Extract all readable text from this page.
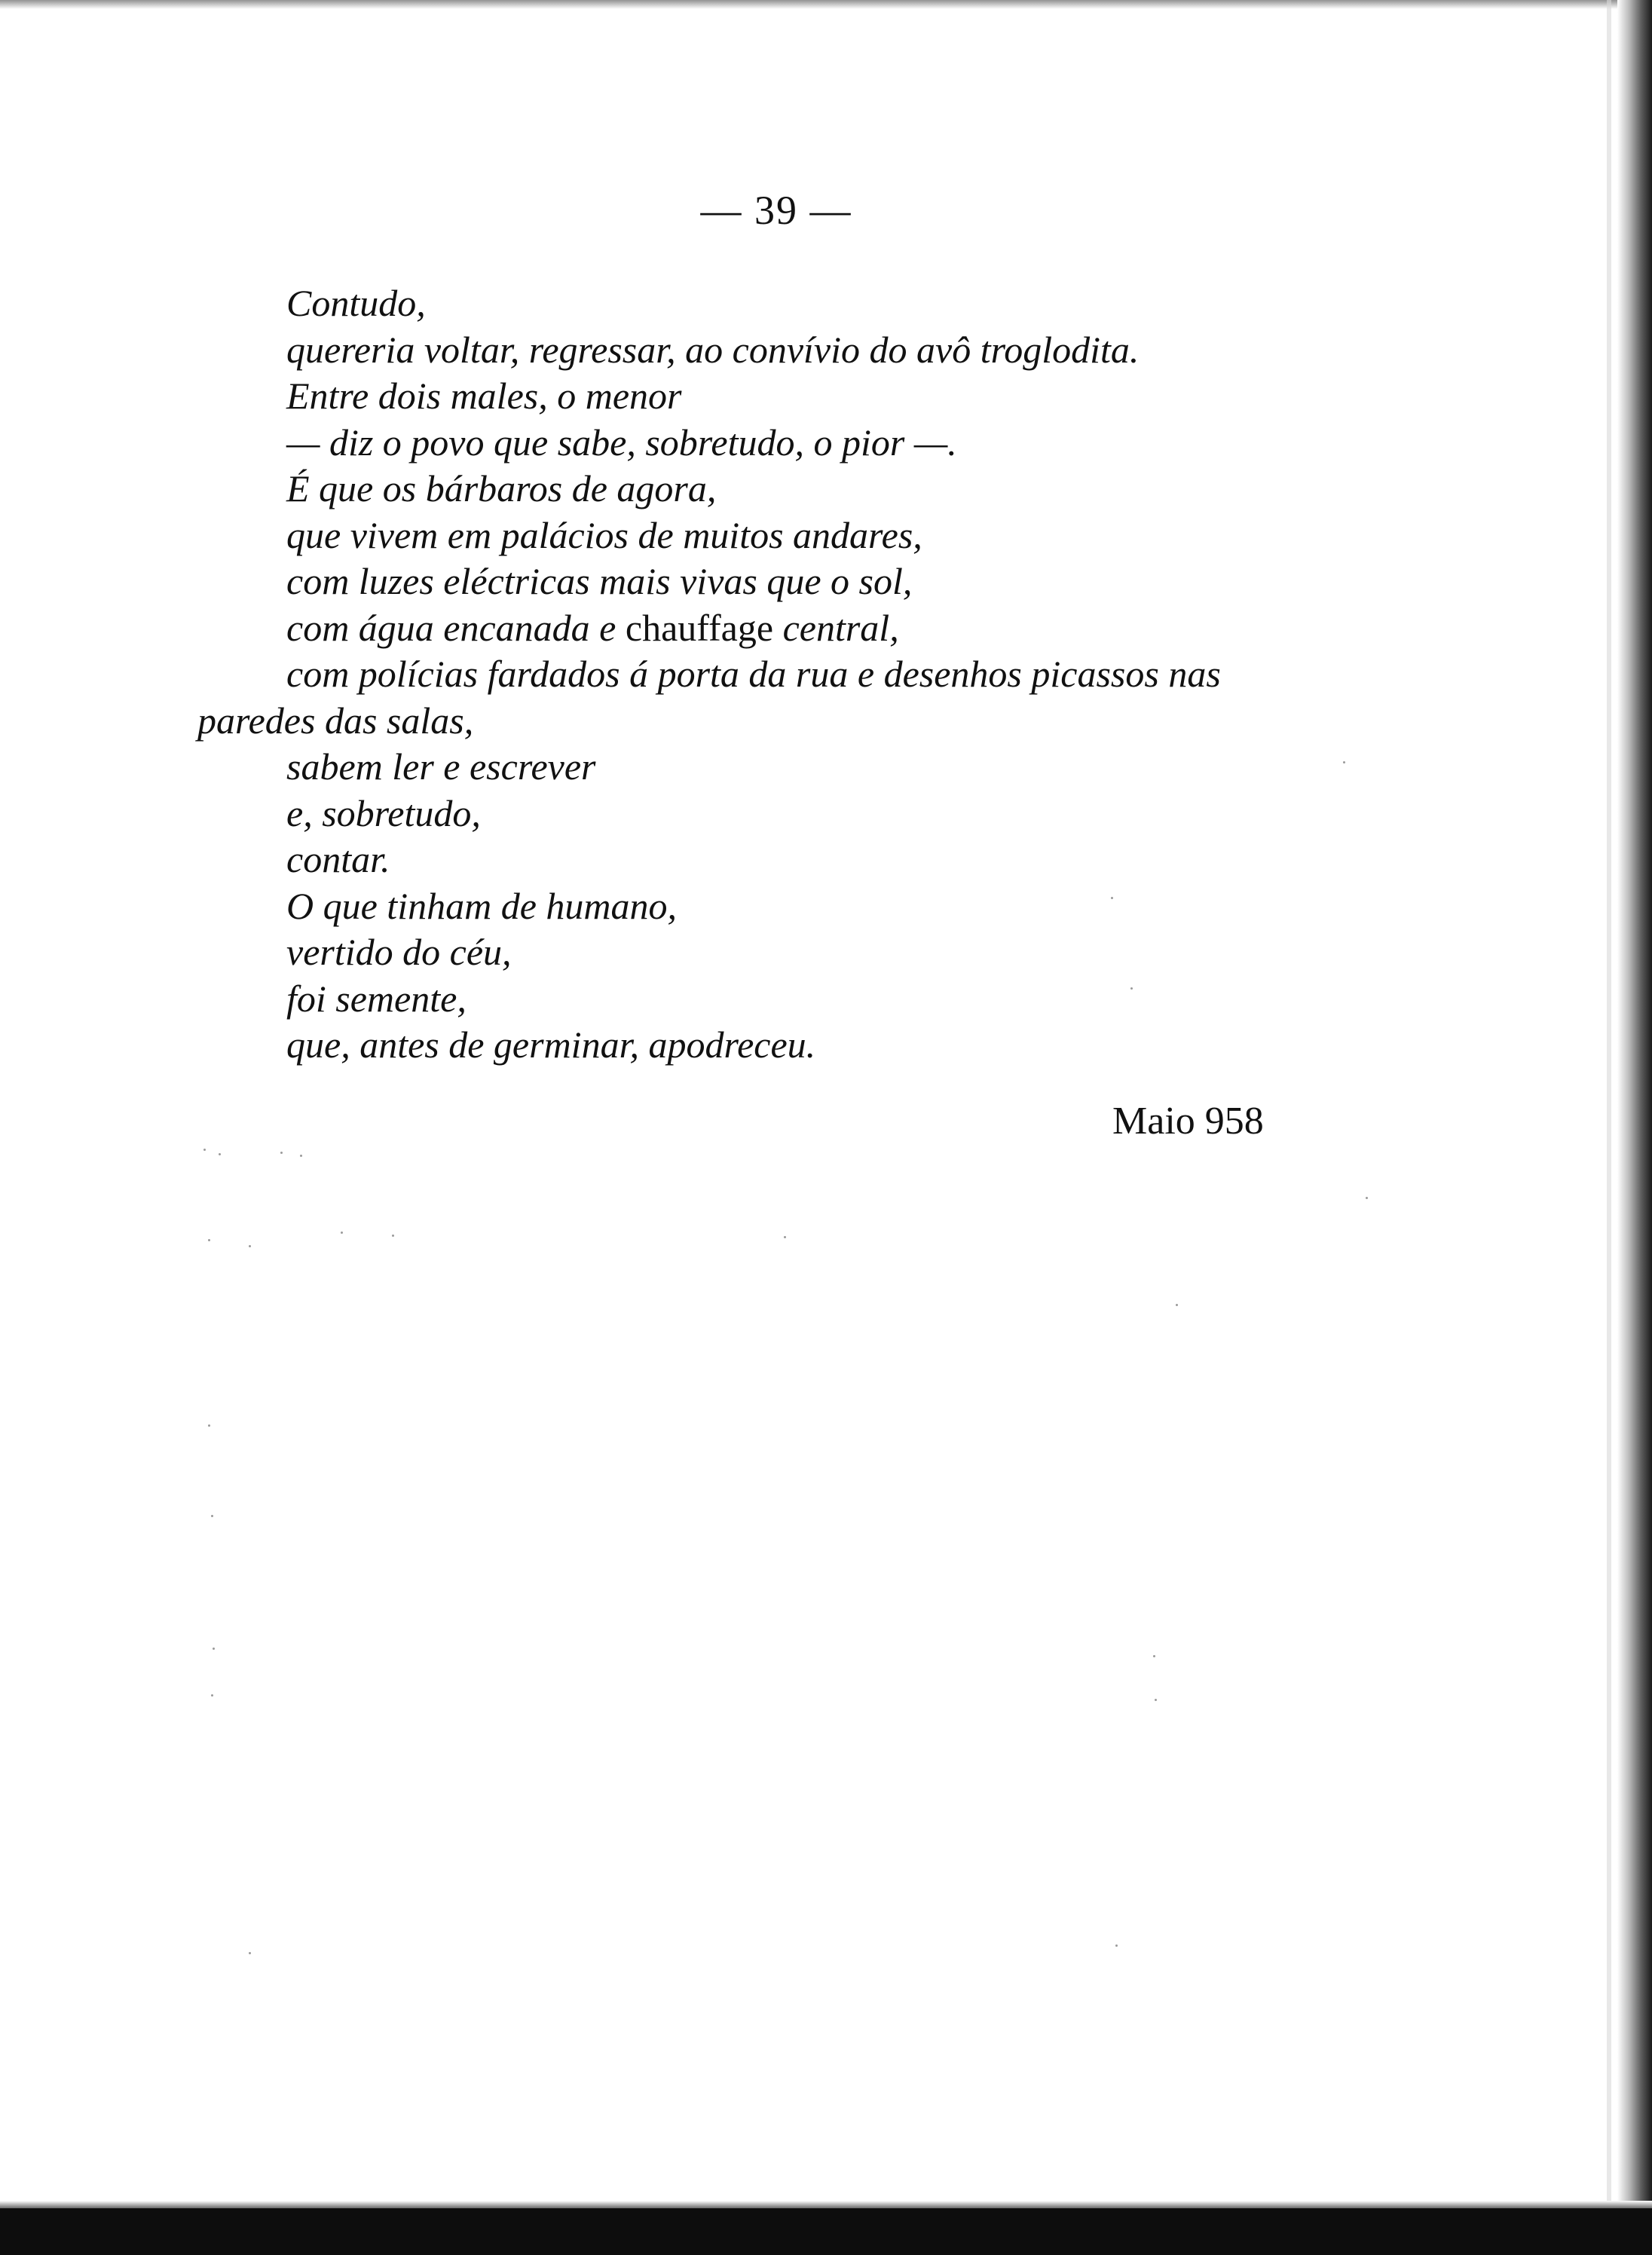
— 39 —
Contudo,
quereria voltar, regressar, ao convívio do avô troglodita.
Entre dois males, o menor
— diz o povo que sabe, sobretudo, o pior —.
É que os bárbaros de agora,
que vivem em palácios de muitos andares,
com luzes eléctricas mais vivas que o sol,
com água encanada e chauffage central,
com polícias fardados á porta da rua e desenhos picassos nas
paredes das salas,
sabem ler e escrever
e, sobretudo,
contar.
O que tinham de humano,
vertido do céu,
foi semente,
que, antes de germinar, apodreceu.
Maio 958
